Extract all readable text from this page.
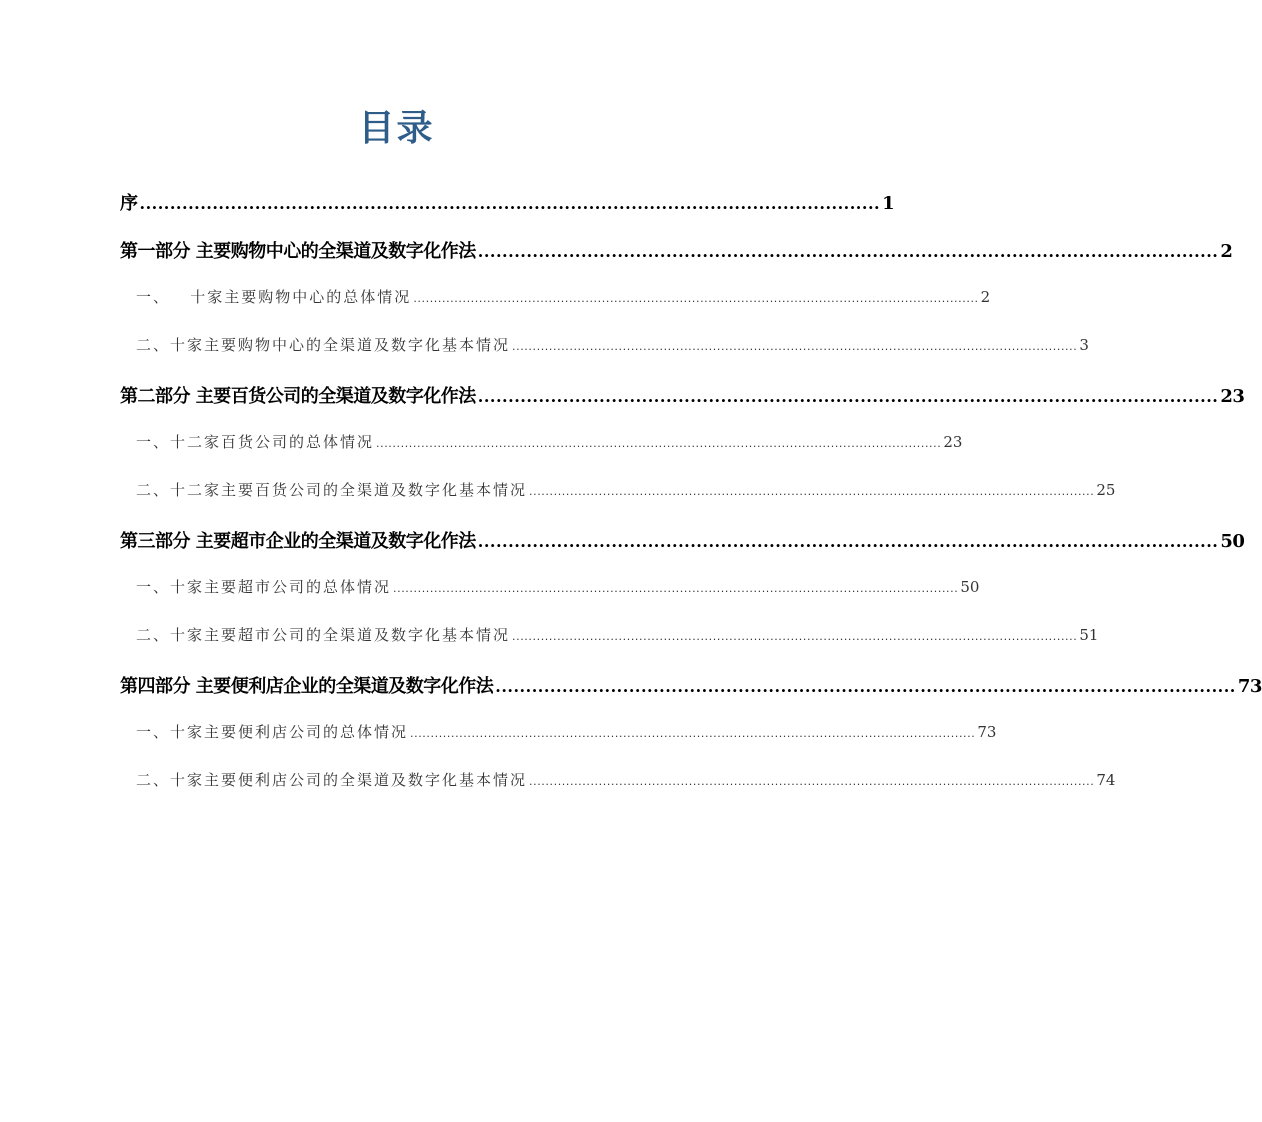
目录
序 .......................................................................................................................... 1
第一部分 主要购物中心的全渠道及数字化作法 .......................................................................................................................... 2
一、   十家主要购物中心的总体情况 .......................................................................................................................................... 2
二、十家主要购物中心的全渠道及数字化基本情况 .......................................................................................................................................... 3
第二部分 主要百货公司的全渠道及数字化作法 .......................................................................................................................... 23
一、十二家百货公司的总体情况 .......................................................................................................................................... 23
二、十二家主要百货公司的全渠道及数字化基本情况 .......................................................................................................................................... 25
第三部分 主要超市企业的全渠道及数字化作法 .......................................................................................................................... 50
一、十家主要超市公司的总体情况 .......................................................................................................................................... 50
二、十家主要超市公司的全渠道及数字化基本情况 .......................................................................................................................................... 51
第四部分 主要便利店企业的全渠道及数字化作法 .......................................................................................................................... 73
一、十家主要便利店公司的总体情况 .......................................................................................................................................... 73
二、十家主要便利店公司的全渠道及数字化基本情况 .......................................................................................................................................... 74
